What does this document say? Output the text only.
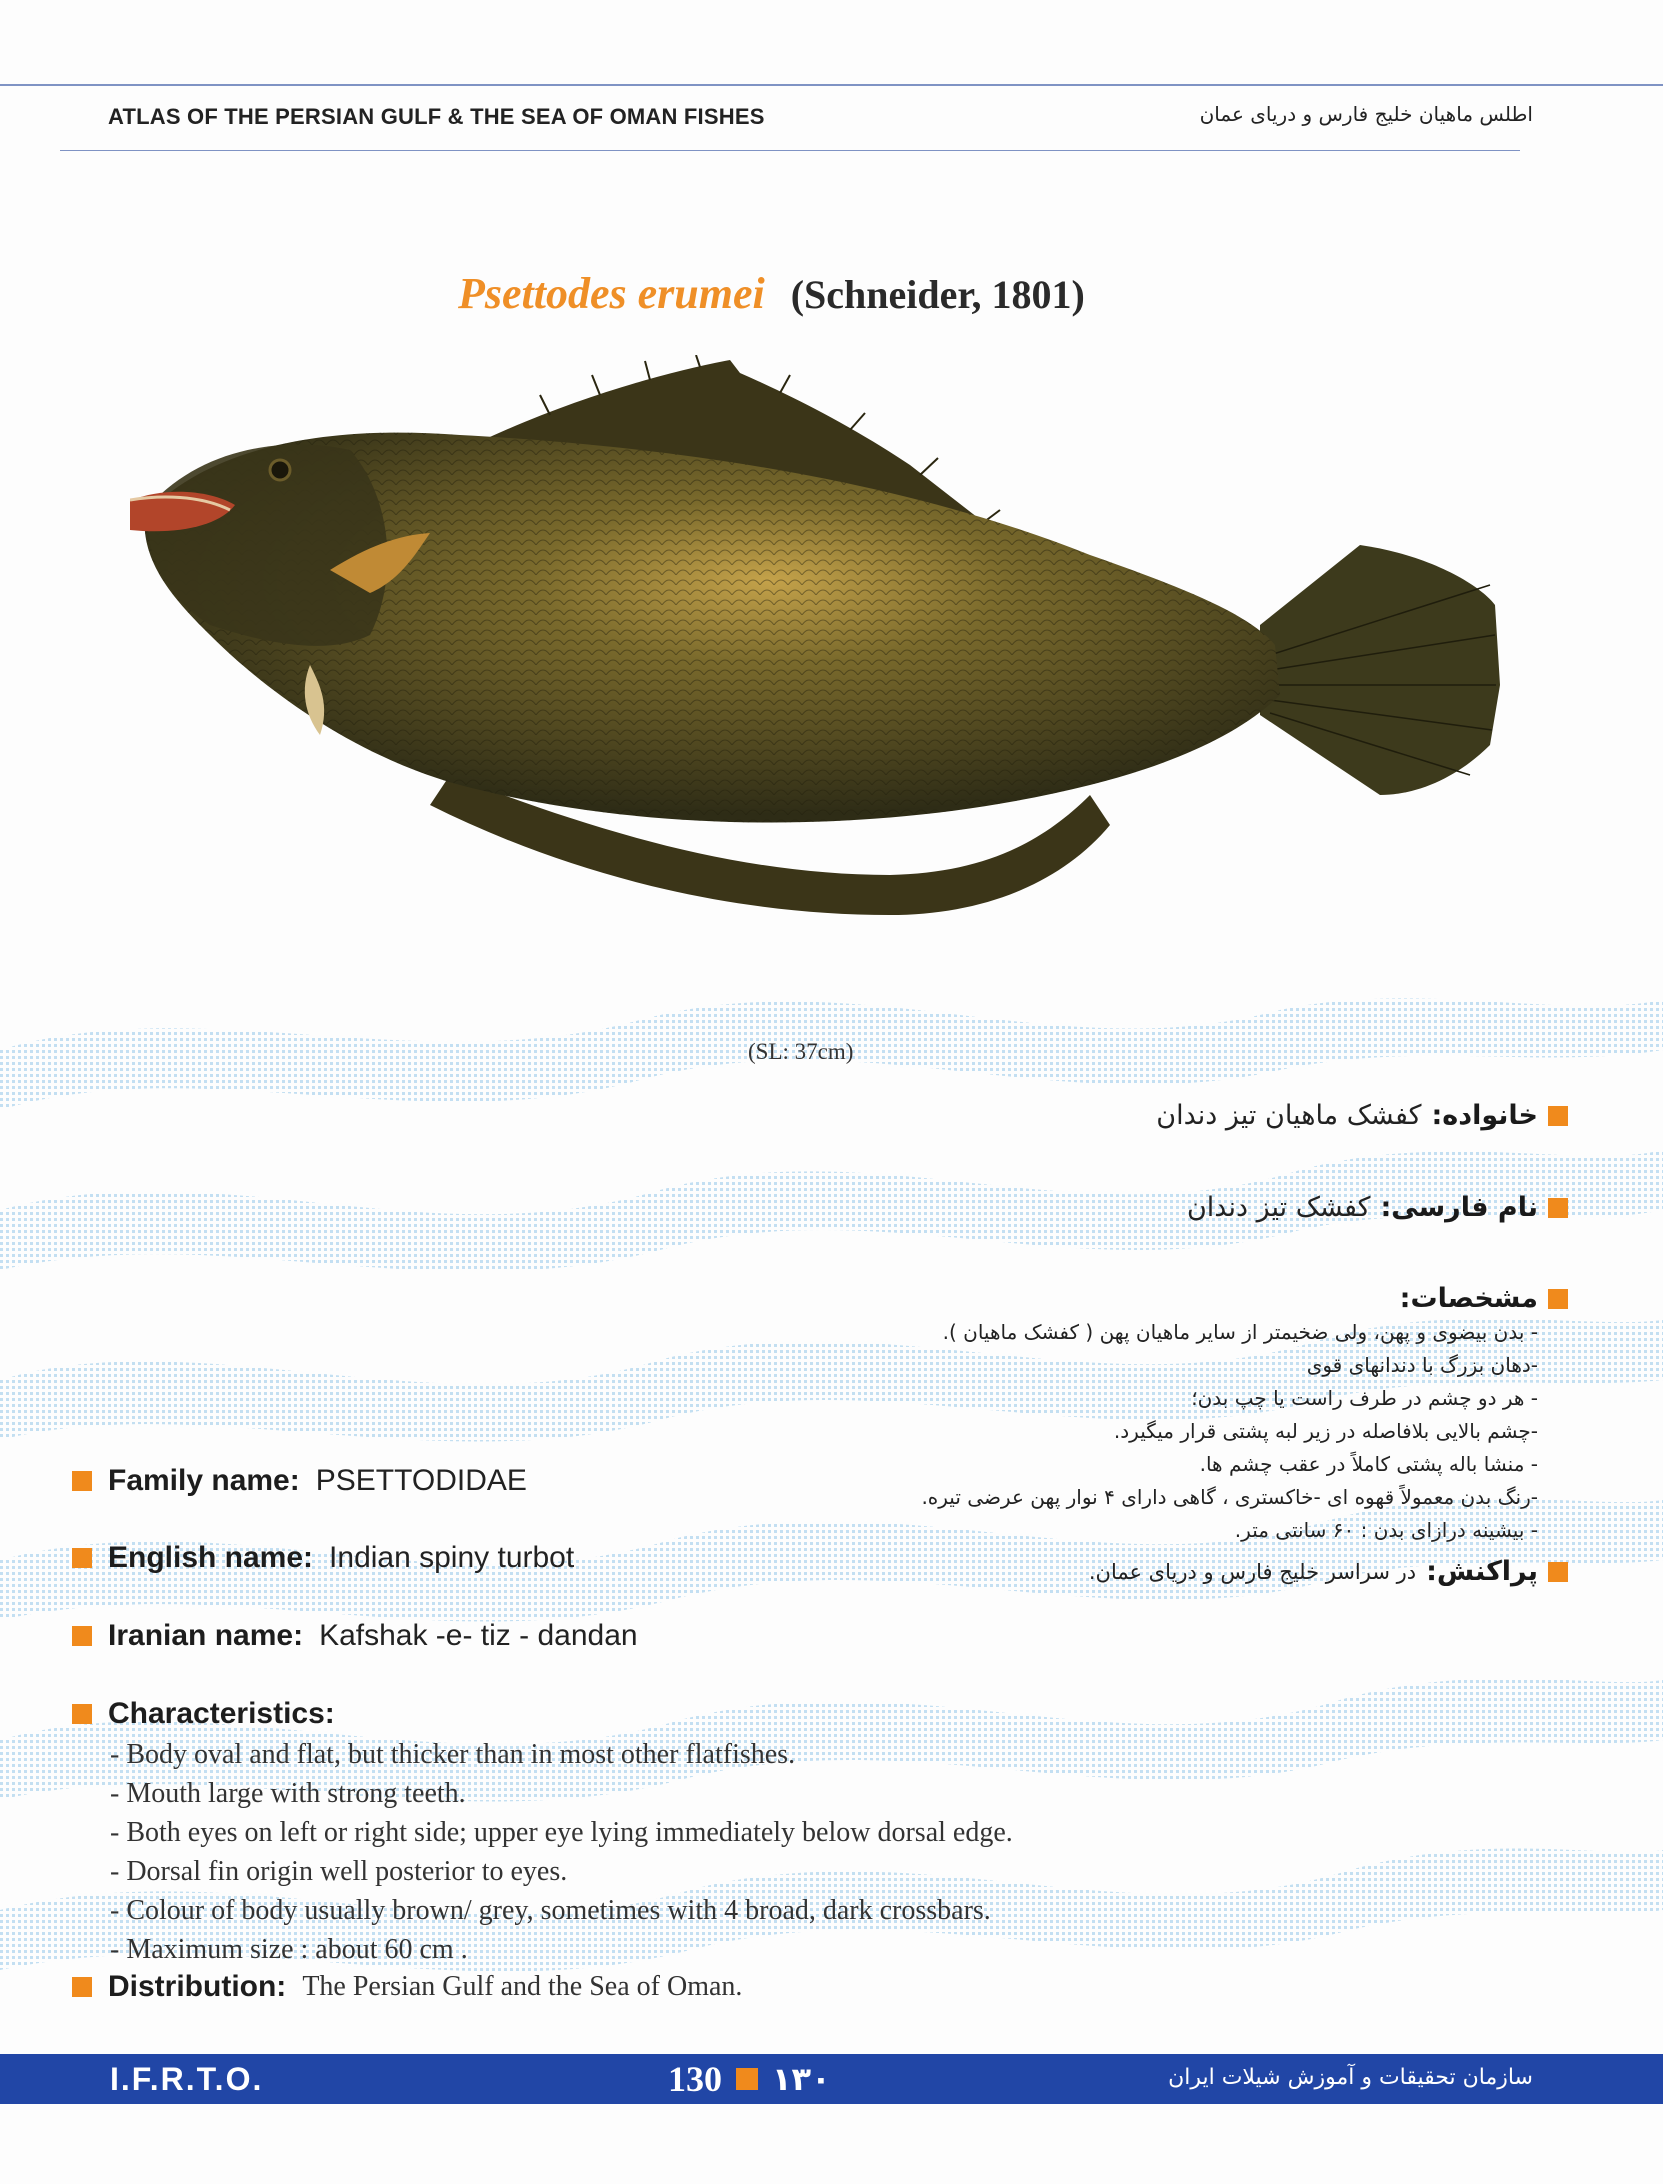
ATLAS OF THE PERSIAN GULF & THE SEA OF OMAN FISHES	اطلس ماهیان خلیج فارس و دریای عمان
Psettodes erumei (Schneider, 1801)
(SL: 37cm)
خانواده:
کفشک ماهیان تیز دندان
نام فارسی:
کفشک تیز دندان
مشخصات:
- بدن بیضوی و پهن، ولی ضخیمتر از سایر ماهیان پهن ( کفشک ماهیان ).
-دهان بزرگ با دندانهای قوی
- هر دو چشم در طرف راست یا چپ بدن؛
-چشم بالایی بلافاصله در زیر لبه پشتی قرار میگیرد.
- منشا باله پشتی کاملاً در عقب چشم ها.
-رنگ بدن معمولاً قهوه ای -خاکستری ، گاهی دارای ۴ نوار پهن عرضی تیره.
- بیشینه درازای بدن : ۶۰ سانتی متر.
پراکنش:
در سراسر خلیج فارس و دریای عمان.
Family name: PSETTODIDAE
English name: Indian spiny turbot
Iranian name: Kafshak -e- tiz - dandan
Characteristics:
- Body oval and flat, but thicker than in most other flatfishes.
- Mouth large with strong teeth.
- Both eyes on left or right side; upper eye lying immediately below dorsal edge.
- Dorsal fin origin well posterior to eyes.
- Colour of body usually brown/ grey, sometimes with 4 broad, dark crossbars.
- Maximum size : about 60 cm .
Distribution: The Persian Gulf and the Sea of Oman.
I.F.R.T.O.	130 ۱۳۰	سازمان تحقیقات و آموزش شیلات ایران
